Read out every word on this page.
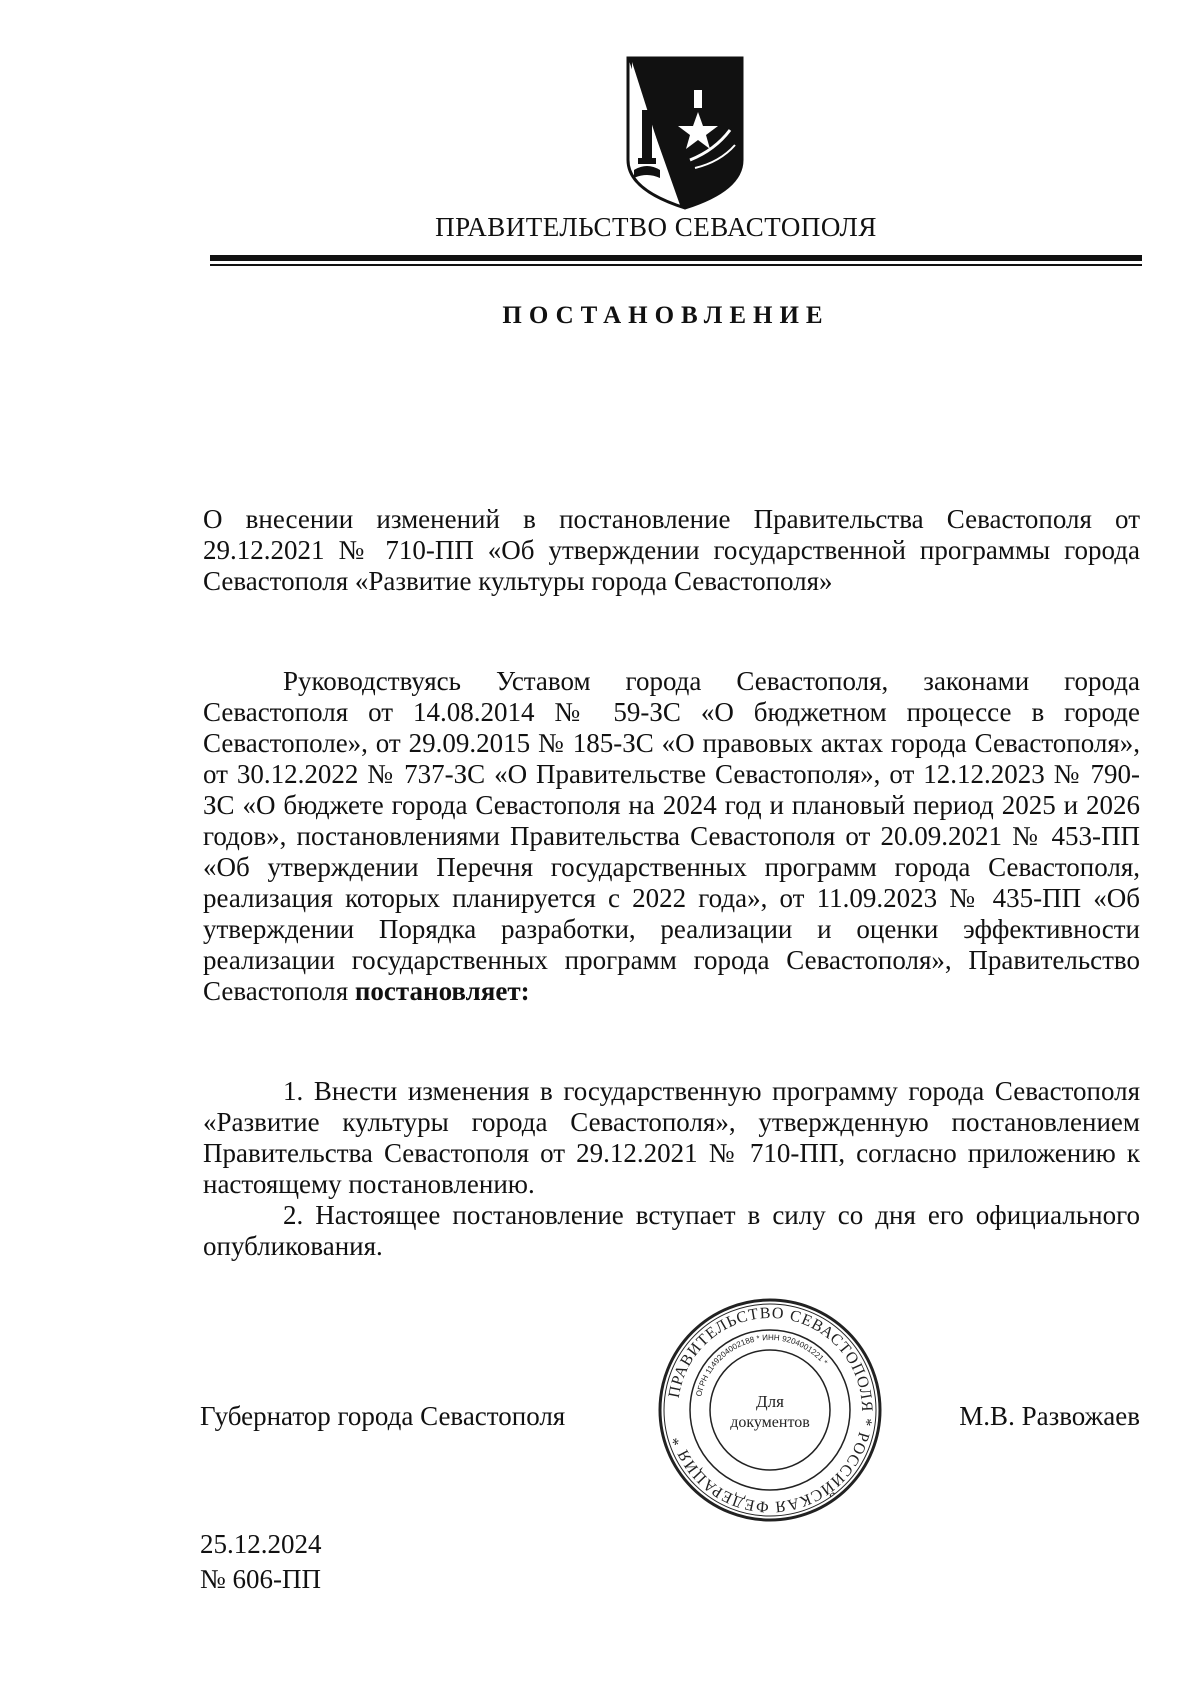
ПРАВИТЕЛЬСТВО СЕВАСТОПОЛЯ
ПОСТАНОВЛЕНИЕ

О внесении изменений в постановление Правительства Севастополя от 29.12.2021 № 710-ПП «Об утверждении государственной программы города Севастополя «Развитие культуры города Севастополя»

Руководствуясь Уставом города Севастополя, законами города Севастополя от 14.08.2014 № 59-ЗС «О бюджетном процессе в городе Севастополе», от 29.09.2015 № 185-ЗС «О правовых актах города Севастополя», от 30.12.2022 № 737-ЗС «О Правительстве Севастополя», от 12.12.2023 № 790-ЗС «О бюджете города Севастополя на 2024 год и плановый период 2025 и 2026 годов», постановлениями Правительства Севастополя от 20.09.2021 № 453-ПП «Об утверждении Перечня государственных программ города Севастополя, реализация которых планируется с 2022 года», от 11.09.2023 № 435-ПП «Об утверждении Порядка разработки, реализации и оценки эффективности реализации государственных программ города Севастополя», Правительство Севастополя постановляет:

1. Внести изменения в государственную программу города Севастополя «Развитие культуры города Севастополя», утвержденную постановлением Правительства Севастополя от 29.12.2021 № 710-ПП, согласно приложению к настоящему постановлению.

2. Настоящее постановление вступает в силу со дня его официального опубликования.

Губернатор города Севастополя
ПРАВИТЕЛЬСТВО СЕВАСТОПОЛЯ * РОССИЙСКАЯ ФЕДЕРАЦИЯ *
ОГРН 1149204002188 * ИНН 9204001221 *
Для
документов	М.В. Развожаев
25.12.2024
№ 606-ПП
